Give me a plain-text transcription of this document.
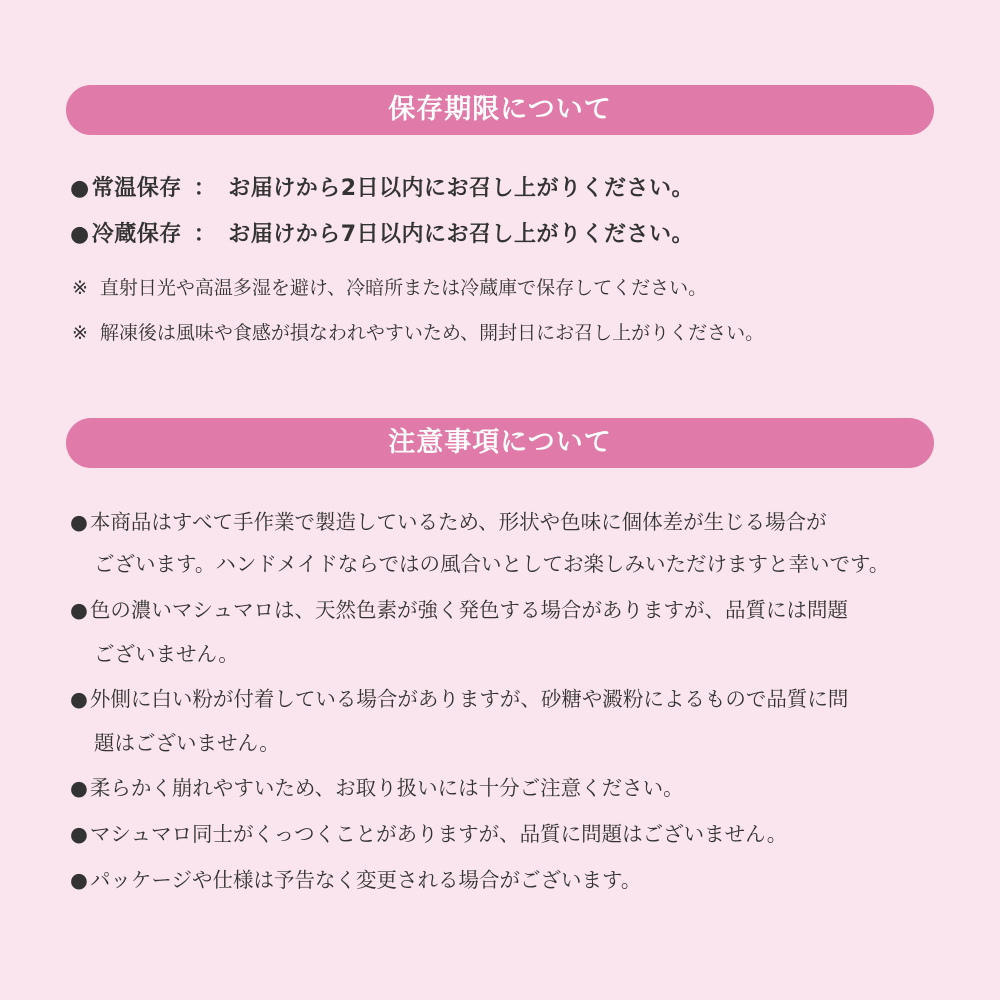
保存期限について
●常温保存 ： お届けから2日以内にお召し上がりください。
●冷蔵保存 ： お届けから7日以内にお召し上がりください。
※ 直射日光や高温多湿を避け、冷暗所または冷蔵庫で保存してください。
※ 解凍後は風味や食感が損なわれやすいため、開封日にお召し上がりください。
注意事項について
●本商品はすべて手作業で製造しているため、形状や色味に個体差が生じる場合が
ございます。ハンドメイドならではの風合いとしてお楽しみいただけますと幸いです。
●色の濃いマシュマロは、天然色素が強く発色する場合がありますが、品質には問題
ございません。
●外側に白い粉が付着している場合がありますが、砂糖や澱粉によるもので品質に問
題はございません。
●柔らかく崩れやすいため、お取り扱いには十分ご注意ください。
●マシュマロ同士がくっつくことがありますが、品質に問題はございません。
●パッケージや仕様は予告なく変更される場合がございます。
